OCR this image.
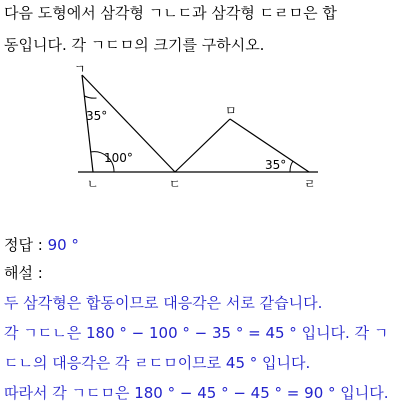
다음 도형에서 삼각형 ㄱㄴㄷ과 삼각형 ㄷㄹㅁ은 합
동입니다. 각 ㄱㄷㅁ의 크기를 구하시오.
ㄱ
ㄴ	ㄷ
ㅁ
ㄹ
35°
100°	35°
정답 : 90 °
해설 :
두 삼각형은 합동이므로 대응각은 서로 같습니다.
각 ㄱㄷㄴ은 180 ° − 100 ° − 35 ° = 45 ° 입니다. 각 ㄱ
ㄷㄴ의 대응각은 각 ㄹㄷㅁ이므로 45 ° 입니다.
따라서 각 ㄱㄷㅁ은 180 ° − 45 ° − 45 ° = 90 ° 입니다.
